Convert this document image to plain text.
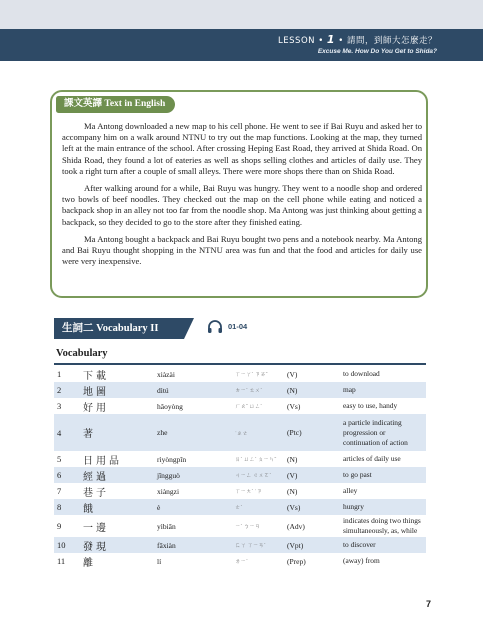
LESSON • 1 • 請問，到師大怎麼走？
Excuse Me. How Do You Get to Shida?
課文英譯 Text in English

Ma Antong downloaded a new map to his cell phone. He went to see if Bai Ruyu and asked her to accompany him on a walk around NTNU to try out the map functions. Looking at the map, they turned left at the main entrance of the school. After crossing Heping East Road, they arrived at Shida Road. On Shida Road, they found a lot of eateries as well as shops selling clothes and articles of daily use. They took a right turn after a couple of small alleys. There were more shops there than on Shida Road.

After walking around for a while, Bai Ruyu was hungry. They went to a noodle shop and ordered two bowls of beef noodles. They checked out the map on the cell phone while eating and noticed a backpack shop in an alley not too far from the noodle shop. Ma Antong was just thinking about getting a backpack, so they decided to go to the store after they finished eating.

Ma Antong bought a backpack and Bai Ruyu bought two pens and a notebook nearby. Ma Antong and Bai Ruyu thought shopping in the NTNU area was fun and that the food and articles for daily use were very inexpensive.

生詞二 Vocabulary II	01-04
Vocabulary
1	下載	xiàzài	ㄒㄧㄚˋ ㄗㄞˇ	(V)	to download
2	地圖	dìtú	ㄉㄧˋ ㄊㄨˊ	(N)	map
3	好用	hǎoyòng	ㄏㄠˇ ㄩㄥˋ	(Vs)	easy to use, handy
4	著	zhe	˙ㄓㄜ	(Ptc)	a particle indicating progression or continuation of action
5	日用品	rìyòngpǐn	ㄖˋ ㄩㄥˋ ㄆㄧㄣˇ	(N)	articles of daily use
6	經過	jīngguò	ㄐㄧㄥ ㄍㄨㄛˋ	(V)	to go past
7	巷子	xiàngzi	ㄒㄧㄤˋ ˙ㄗ	(N)	alley
8	餓	è	ㄜˋ	(Vs)	hungry
9	一邊	yìbiān	ㄧˋ ㄅㄧㄢ	(Adv)	indicates doing two things simultaneously, as, while
10	發現	fāxiàn	ㄈㄚ ㄒㄧㄢˋ	(Vpt)	to discover
11	離	lí	ㄌㄧˊ	(Prep)	(away) from
7
